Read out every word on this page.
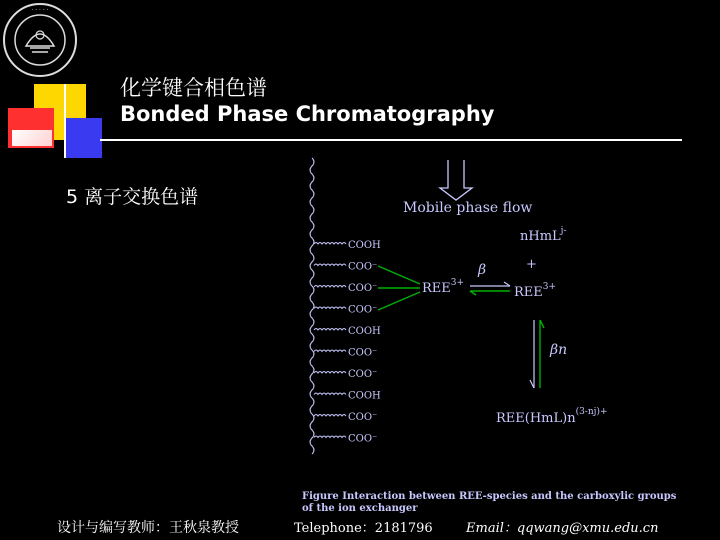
· · · · ·
化学键合相色谱
Bonded Phase Chromatography
5 离子交换色谱
COOH
COO⁻
COO⁻
COO⁻
COOH
COO⁻
COO⁻
COOH
COO⁻
COO⁻
Mobile phase flow
nHmL$^{j-}$
+
$REE^{3+}$
β
$REE^{3+}$
βn
$REE(HmL)n^{(3-nj)+}$
Figure Interaction between REE-species and the carboxylic groups
of the ion exchanger
设计与编写教师：王秋泉教授	Telephone：2181796	Email：qqwang@xmu.edu.cn
